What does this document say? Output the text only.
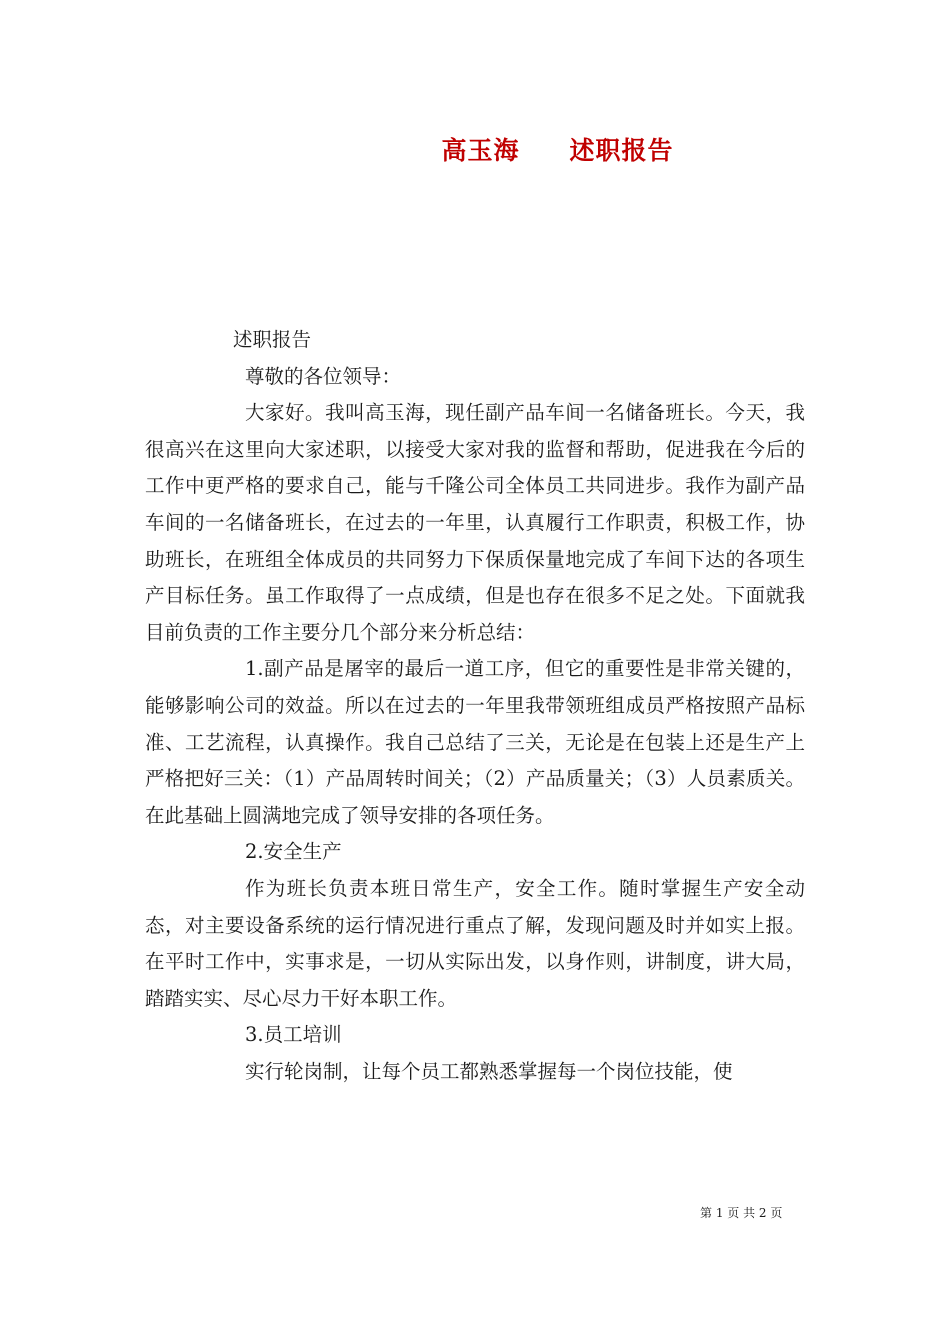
高玉海 述职报告

述职报告

尊敬的各位领导：

大家好。我叫高玉海，现任副产品车间一名储备班长。今天，我很高兴在这里向大家述职，以接受大家对我的监督和帮助，促进我在今后的工作中更严格的要求自己，能与千隆公司全体员工共同进步。我作为副产品车间的一名储备班长，在过去的一年里，认真履行工作职责，积极工作，协助班长，在班组全体成员的共同努力下保质保量地完成了车间下达的各项生产目标任务。虽工作取得了一点成绩，但是也存在很多不足之处。下面就我目前负责的工作主要分几个部分来分析总结：

1.副产品是屠宰的最后一道工序，但它的重要性是非常关键的，能够影响公司的效益。所以在过去的一年里我带领班组成员严格按照产品标准、工艺流程，认真操作。我自己总结了三关，无论是在包装上还是生产上严格把好三关：（1）产品周转时间关；（2）产品质量关；（3）人员素质关。在此基础上圆满地完成了领导安排的各项任务。

2.安全生产

作为班长负责本班日常生产，安全工作。随时掌握生产安全动态，对主要设备系统的运行情况进行重点了解，发现问题及时并如实上报。在平时工作中，实事求是，一切从实际出发，以身作则，讲制度，讲大局，踏踏实实、尽心尽力干好本职工作。

3.员工培训

实行轮岗制，让每个员工都熟悉掌握每一个岗位技能，使

第 1 页 共 2 页
